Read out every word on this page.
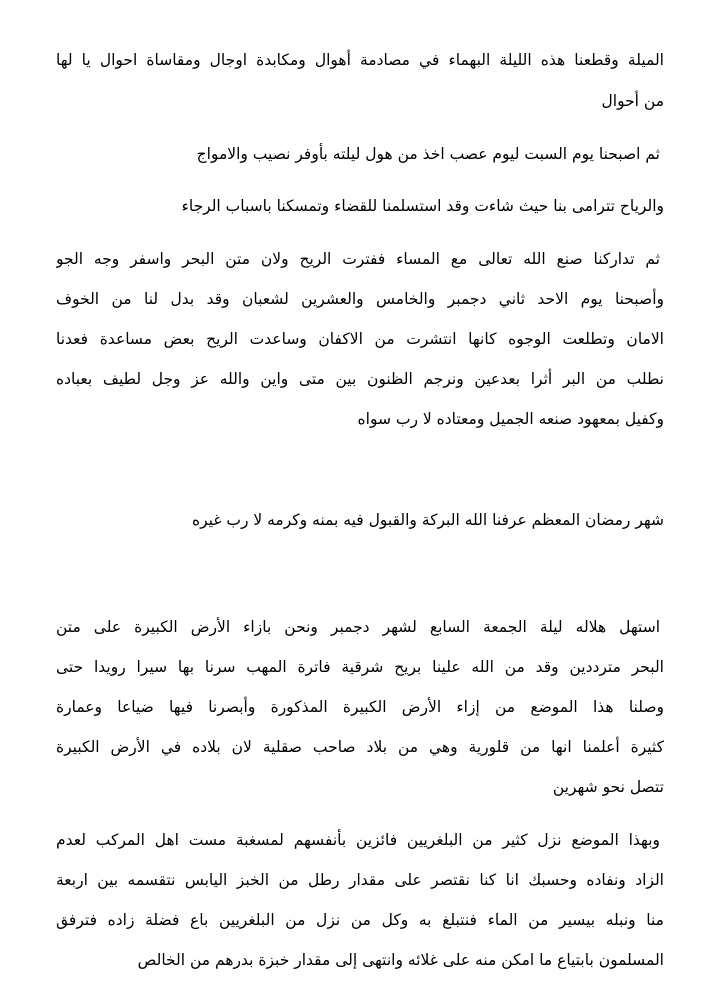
الميلة وقطعنا هذه الليلة البهماء في مصادمة أهوال ومكابدة اوجال ومقاساة احوال يا لها
من أحوال
ثم اصبحنا يوم السبت ليوم عصب اخذ من هول ليلته بأوفر نصيب والامواج
والرياح تترامى بنا حيث شاءت وقد استسلمنا للقضاء وتمسكنا باسباب الرجاء
ثم تداركنا صنع الله تعالى مع المساء ففترت الريح ولان متن البحر واسفر وجه الجو
وأصبحنا يوم الاحد ثاني دجمبر والخامس والعشرين لشعبان وقد بدل لنا من الخوف
الامان وتطلعت الوجوه كانها انتشرت من الاكفان وساعدت الريح بعض مساعدة فعدنا
نطلب من البر أثرا بعدعين ونرجم الظنون بين متى واين والله عز وجل لطيف بعباده
وكفيل بمعهود صنعه الجميل ومعتاده لا رب سواه
شهر رمضان المعظم عرفنا الله البركة والقبول فيه بمنه وكرمه لا رب غيره
استهل هلاله ليلة الجمعة السابع لشهر دجمبر ونحن بازاء الأرض الكبيرة على متن
البحر مترددين وقد من الله علينا بريح شرقية فاترة المهب سرنا بها سيرا رويدا حتى
وصلنا هذا الموضع من إزاء الأرض الكبيرة المذكورة وأبصرنا فيها ضياعا وعمارة
كثيرة أعلمنا انها من قلورية وهي من بلاد صاحب صقلية لان بلاده في الأرض الكبيرة
تتصل نحو شهرين
وبهذا الموضع نزل كثير من البلغريين فائزين بأنفسهم لمسغبة مست اهل المركب لعدم
الزاد ونفاده وحسبك انا كنا نقتصر على مقدار رطل من الخبز اليابس نتقسمه بين اربعة
منا ونبله بيسير من الماء فنتبلغ به وكل من نزل من البلغريين باع فضلة زاده فترفق
المسلمون بابتياع ما امكن منه على غلائه وانتهى إلى مقدار خبزة بدرهم من الخالص
